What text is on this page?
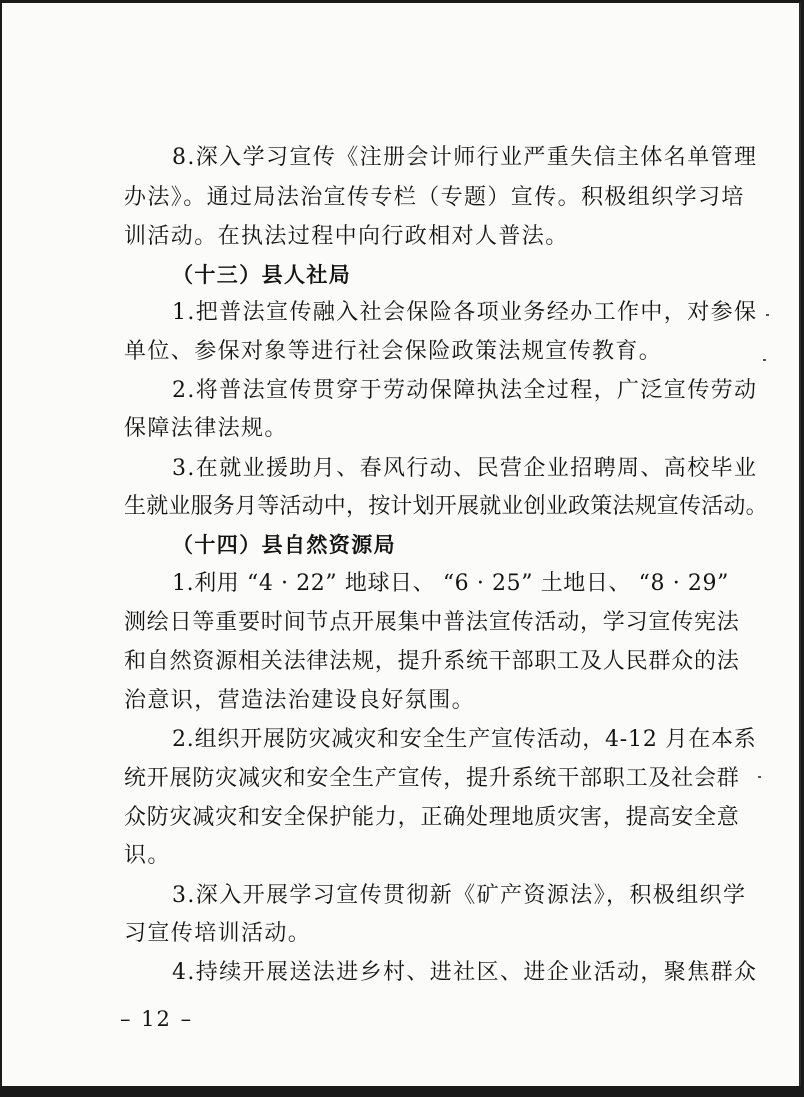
8.深入学习宣传《注册会计师行业严重失信主体名单管理
办法》。通过局法治宣传专栏（专题）宣传。积极组织学习培
训活动。在执法过程中向行政相对人普法。
（十三）县人社局
1.把普法宣传融入社会保险各项业务经办工作中，对参保
单位、参保对象等进行社会保险政策法规宣传教育。
2.将普法宣传贯穿于劳动保障执法全过程，广泛宣传劳动
保障法律法规。
3.在就业援助月、春风行动、民营企业招聘周、高校毕业
生就业服务月等活动中，按计划开展就业创业政策法规宣传活动。
（十四）县自然资源局
1.利用 “4 · 22” 地球日、 “6 · 25” 土地日、 “8 · 29”
测绘日等重要时间节点开展集中普法宣传活动，学习宣传宪法
和自然资源相关法律法规，提升系统干部职工及人民群众的法
治意识，营造法治建设良好氛围。
2.组织开展防灾减灾和安全生产宣传活动，4-12 月在本系
统开展防灾减灾和安全生产宣传，提升系统干部职工及社会群
众防灾减灾和安全保护能力，正确处理地质灾害，提高安全意
识。
3.深入开展学习宣传贯彻新《矿产资源法》，积极组织学
习宣传培训活动。
4.持续开展送法进乡村、进社区、进企业活动，聚焦群众
– 12 –
